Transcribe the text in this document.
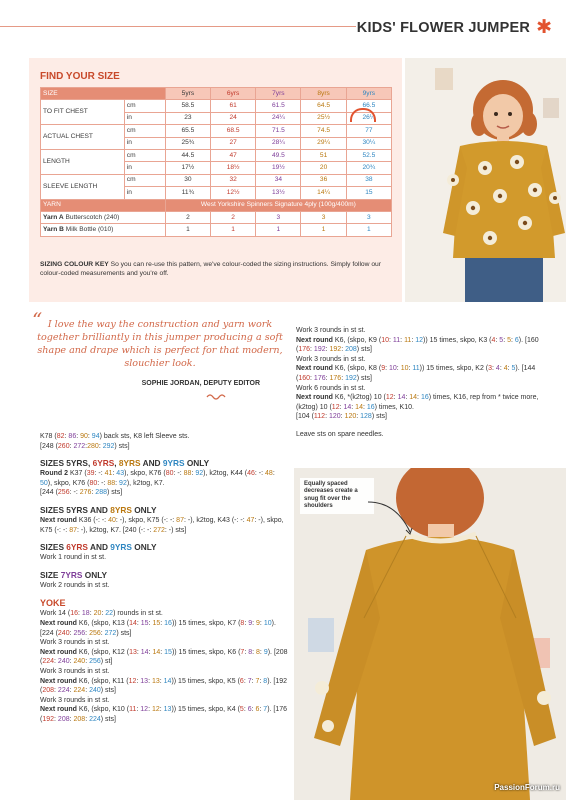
KIDS' FLOWER JUMPER ✱
FIND YOUR SIZE
SIZE		5yrs	6yrs	7yrs	8yrs	9yrs
TO FIT CHEST	cm	58.5	61	61.5	64.5	66.5
	in	23	24	24¼	25½	26¼
ACTUAL CHEST	cm	65.5	68.5	71.5	74.5	77
	in	25¾	27	28¼	29¼	30¼
LENGTH	cm	44.5	47	49.5	51	52.5
	in	17½	18½	19½	20	20¾
SLEEVE LENGTH	cm	30	32	34	36	38
	in	11¾	12½	13½	14¼	15
YARN		West Yorkshire Spinners Signature 4ply (100g/400m)				
Yarn A Butterscotch (240)		2	2	3	3	3
Yarn B Milk Bottle (010)		1	1	1	1	1
SIZING COLOUR KEY So you can re-use this pattern, we've colour-coded the sizing instructions. Simply follow our colour-coded measurements and you're off.
“ I love the way the construction and yarn work together brilliantly in this jumper producing a soft shape and drape which is perfect for that modern, slouchier look.
SOPHIE JORDAN, DEPUTY EDITOR

K78 (82: 86: 90: 94) back sts, K8 left Sleeve sts.
[248 (260: 272:280: 292) sts]

SIZES 5YRS, 6YRS, 8YRS AND 9YRS ONLY

Round 2 K37 (39: -: 41: 43), skpo, K76 (80: -: 88: 92), k2tog, K44 (46: -: 48: 50), skpo, K76 (80: -: 88: 92), k2tog, K7.
[244 (256: -: 276: 288) sts]

SIZES 5YRS AND 8YRS ONLY

Next round K36 (-: -: 40: -), skpo, K75 (-: -: 87: -), k2tog, K43 (-: -: 47: -), skpo, K75 (-: -: 87: -), k2tog, K7. [240 (-: -: 272: -) sts]

SIZES 6YRS AND 9YRS ONLY

Work 1 round in st st.

SIZE 7YRS ONLY

Work 2 rounds in st st.

YOKE

Work 14 (16: 18: 20: 22) rounds in st st.
Next round K6, (skpo, K13 (14: 15: 15: 16)) 15 times, skpo, K7 (8: 9: 9: 10). [224 (240: 256: 256: 272) sts]
Work 3 rounds in st st.
Next round K6, (skpo, K12 (13: 14: 14: 15)) 15 times, skpo, K6 (7: 8: 8: 9). [208 (224: 240: 240: 256) st]
Work 3 rounds in st st.
Next round K6, (skpo, K11 (12: 13: 13: 14)) 15 times, skpo, K5 (6: 7: 7: 8). [192 (208: 224: 224: 240) sts]
Work 3 rounds in st st.
Next round K6, (skpo, K10 (11: 12: 12: 13)) 15 times, skpo, K4 (5: 6: 6: 7). [176 (192: 208: 208: 224) sts]

Work 3 rounds in st st.
Next round K6, (skpo, K9 (10: 11: 11: 12)) 15 times, skpo, K3 (4: 5: 5: 6). [160 (176: 192: 192: 208) sts]
Work 3 rounds in st st.
Next round K6, (skpo, K8 (9: 10: 10: 11)) 15 times, skpo, K2 (3: 4: 4: 5). [144 (160: 176: 176: 192) sts]
Work 6 rounds in st st.
Next round K6, *(k2tog) 10 (12: 14: 14: 16) times, K16, rep from * twice more, (k2tog) 10 (12: 14: 14: 16) times, K10.
[104 (112: 120: 120: 128) sts]

Leave sts on spare needles.

Equally spaced decreases create a snug fit over the shoulders
PassionForum.ru
